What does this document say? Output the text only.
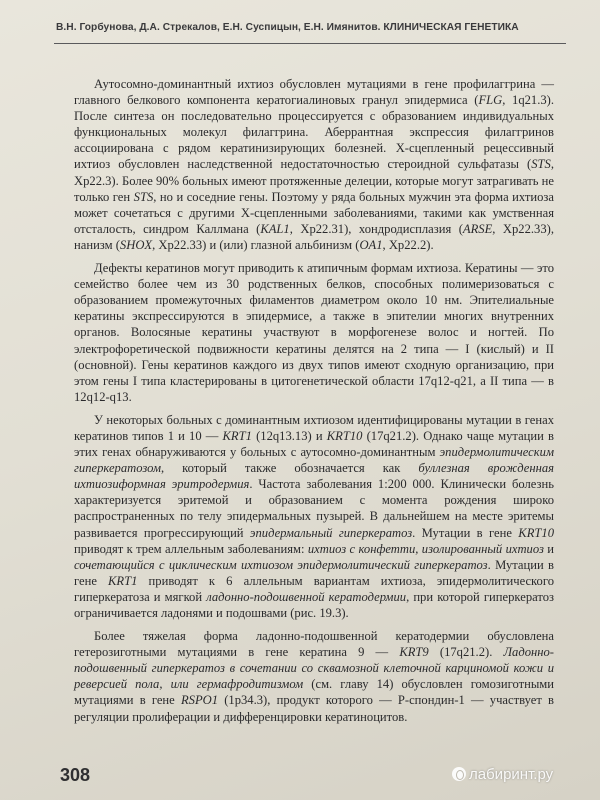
В.Н. Горбунова, Д.А. Стрекалов, Е.Н. Суспицын, Е.Н. Имянитов. КЛИНИЧЕСКАЯ ГЕНЕТИКА

Аутосомно-доминантный ихтиоз обусловлен мутациями в гене профилаггрина — главного белкового компонента кератогиалиновых гранул эпидермиса (FLG, 1q21.3). После синтеза он последовательно процессируется с образованием индивидуальных функциональных молекул филаггрина. Аберрантная экспрессия филаггринов ассоциирована с рядом кератинизирующих болезней. Х-сцепленный рецессивный ихтиоз обусловлен наследственной недостаточностью стероидной сульфатазы (STS, Хр22.3). Более 90% больных имеют протяженные делеции, которые могут затрагивать не только ген STS, но и соседние гены. Поэтому у ряда больных мужчин эта форма ихтиоза может сочетаться с другими Х-сцепленными заболеваниями, такими как умственная отсталость, синдром Каллмана (KAL1, Хр22.31), хондродисплазия (ARSE, Хр22.33), нанизм (SHOX, Хр22.33) и (или) глазной альбинизм (OA1, Хр22.2).

Дефекты кератинов могут приводить к атипичным формам ихтиоза. Кератины — это семейство более чем из 30 родственных белков, способных полимеризоваться с образованием промежуточных филаментов диаметром около 10 нм. Эпителиальные кератины экспрессируются в эпидермисе, а также в эпителии многих внутренних органов. Волосяные кератины участвуют в морфогенезе волос и ногтей. По электрофоретической подвижности кератины делятся на 2 типа — I (кислый) и II (основной). Гены кератинов каждого из двух типов имеют сходную организацию, при этом гены I типа кластерированы в цитогенетической области 17q12-q21, а II типа — в 12q12-q13.

У некоторых больных с доминантным ихтиозом идентифицированы мутации в генах кератинов типов 1 и 10 — KRT1 (12q13.13) и KRT10 (17q21.2). Однако чаще мутации в этих генах обнаруживаются у больных с аутосомно-доминантным эпидермолитическим гиперкератозом, который также обозначается как буллезная врожденная ихтиозиформная эритродермия. Частота заболевания 1:200 000. Клинически болезнь характеризуется эритемой и образованием с момента рождения широко распространенных по телу эпидермальных пузырей. В дальнейшем на месте эритемы развивается прогрессирующий эпидермальный гиперкератоз. Мутации в гене KRT10 приводят к трем аллельным заболеваниям: ихтиоз с конфетти, изолированный ихтиоз и сочетающийся с циклическим ихтиозом эпидермолитический гиперкератоз. Мутации в гене KRT1 приводят к 6 аллельным вариантам ихтиоза, эпидермолитического гиперкератоза и мягкой ладонно-подошвенной кератодермии, при которой гиперкератоз ограничивается ладонями и подошвами (рис. 19.3).

Более тяжелая форма ладонно-подошвенной кератодермии обусловлена гетерозиготными мутациями в гене кератина 9 — KRT9 (17q21.2). Ладонно-подошвенный гиперкератоз в сочетании со сквамозной клеточной карциномой кожи и реверсией пола, или гермафродитизмом (см. главу 14) обусловлен гомозиготными мутациями в гене RSPO1 (1p34.3), продукт которого — Р-спондин-1 — участвует в регуляции пролиферации и дифференцировки кератиноцитов.

308	лабиринт.ру
